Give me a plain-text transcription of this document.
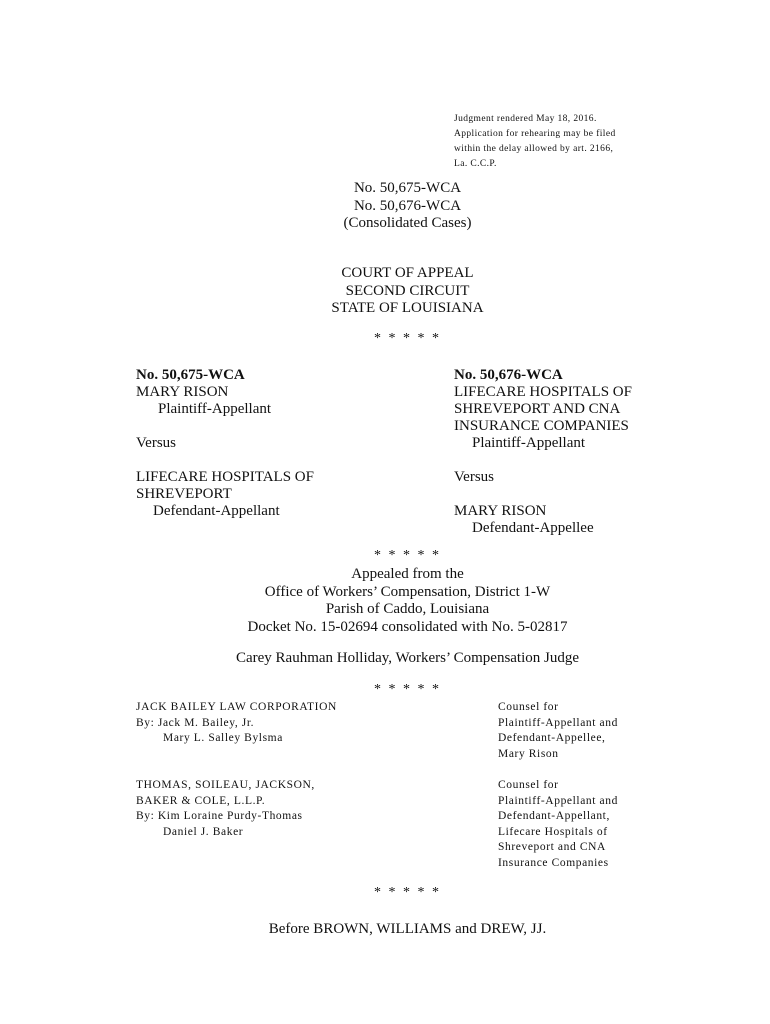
Judgment rendered May 18, 2016.
Application for rehearing may be filed
within the delay allowed by art. 2166,
La. C.C.P.
No. 50,675-WCA
No. 50,676-WCA
(Consolidated Cases)
COURT OF APPEAL
SECOND CIRCUIT
STATE OF LOUISIANA
* * * * *
No. 50,675-WCA
MARY RISON
Plaintiff-Appellant
Versus
LIFECARE HOSPITALS OF
SHREVEPORT
Defendant-Appellant
No. 50,676-WCA
LIFECARE HOSPITALS OF
SHREVEPORT AND CNA
INSURANCE COMPANIES
Plaintiff-Appellant
Versus
MARY RISON
Defendant-Appellee
* * * * *
Appealed from the
Office of Workers’ Compensation, District 1-W
Parish of Caddo, Louisiana
Docket No. 15-02694 consolidated with No. 5-02817
Carey Rauhman Holliday, Workers’ Compensation Judge
* * * * *
JACK BAILEY LAW CORPORATION
By: Jack M. Bailey, Jr.
Mary L. Salley Bylsma
Counsel for
Plaintiff-Appellant and
Defendant-Appellee,
Mary Rison
THOMAS, SOILEAU, JACKSON,
BAKER & COLE, L.L.P.
By: Kim Loraine Purdy-Thomas
Daniel J. Baker
Counsel for
Plaintiff-Appellant and
Defendant-Appellant,
Lifecare Hospitals of
Shreveport and CNA
Insurance Companies
* * * * *
Before BROWN, WILLIAMS and DREW, JJ.
